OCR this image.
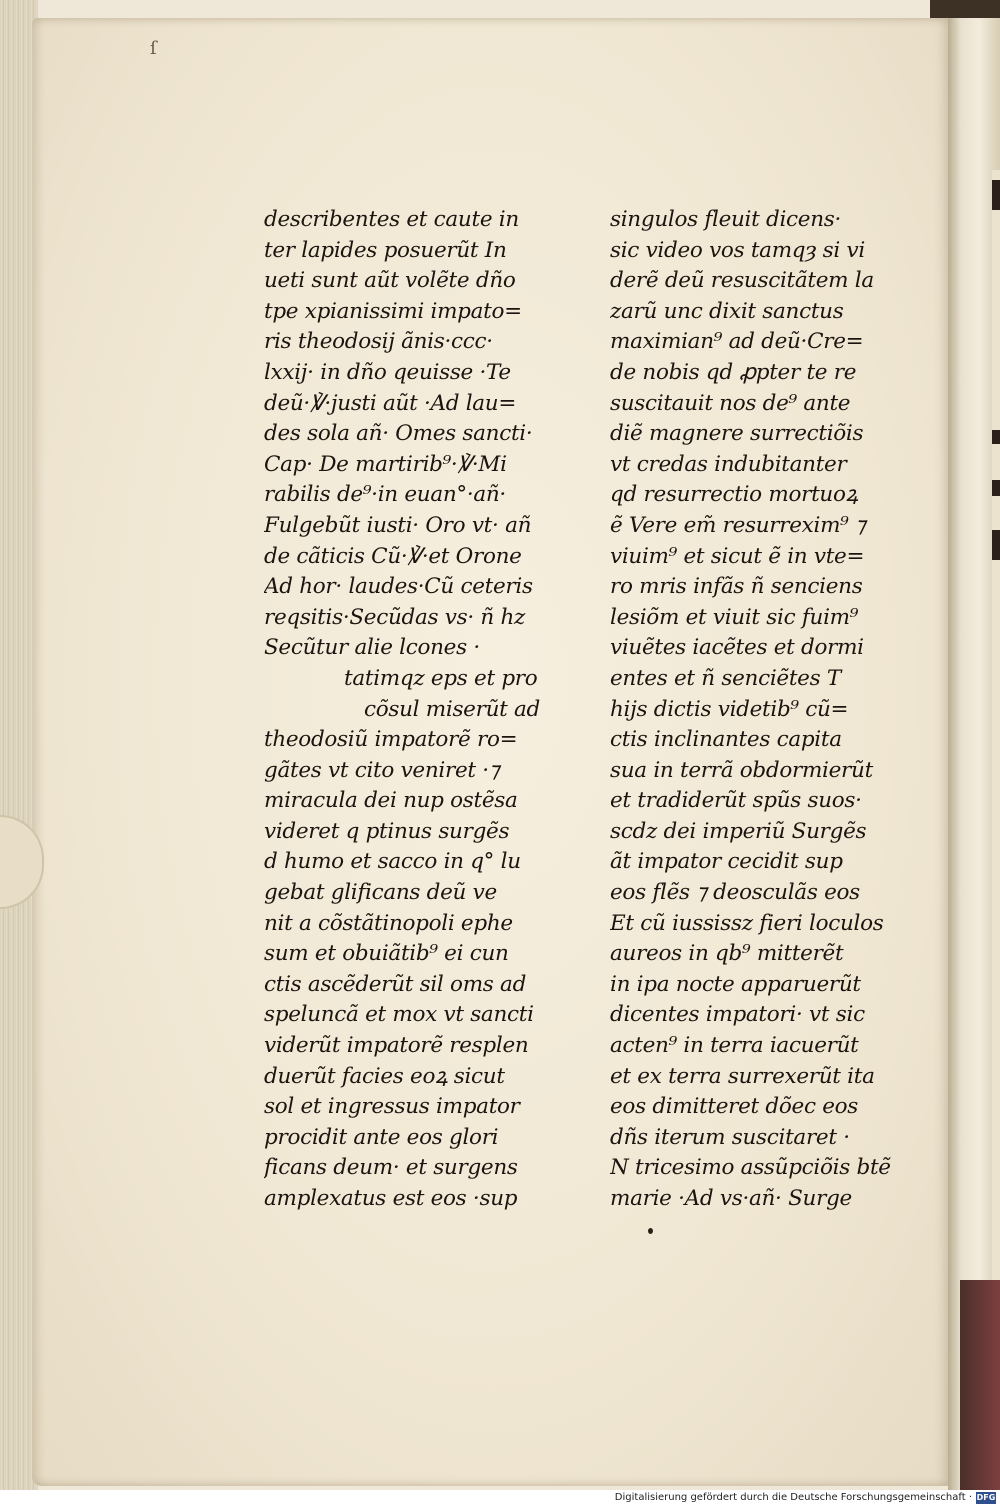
ſ
describentes et caute in
ter lapides posuerũt In
ueti sunt aũt volẽte dño
tpe xpianissimi impato=
ris theodosij ãnis·ccc·
lxxij· in dño qeuisse ·Te
deũ·℣·justi aũt ·Ad lau=
des sola añ· Omes sancti·
Cap· De martirib⁹·℣·Mi
rabilis de⁹·in euan°·añ·
Fulgebũt iusti· Oro vt· añ
de cãticis Cũ·℣·et Orone
Ad hor· laudes·Cũ ceteris
reqsitis·Secũdas vs· ñ hz
Secũtur alie lcones ·
tatimqz eps et pro
cõsul miserũt ad
theodosiũ impatorẽ ro=
gãtes vt cito veniret ·⁊
miracula dei nup ostẽsa
videret q ptinus surgẽs
d humo et sacco in q° lu
gebat glificans deũ ve
nit a cõstãtinopoli ephe
sum et obuiãtib⁹ ei cun
ctis ascẽderũt sil oms ad
speluncã et mox vt sancti
viderũt impatorẽ resplen
duerũt facies eoꝝ sicut
sol et ingressus impator
procidit ante eos glori
ficans deum· et surgens
amplexatus est eos ·sup
singulos fleuit dicens·
sic video vos tamqȝ si vi
derẽ deũ resuscitãtem la
zarũ unc dixit sanctus
maximian⁹ ad deũ·Cre=
de nobis qd ꝓpter te re
suscitauit nos de⁹ ante
diẽ magnere surrectiõis
vt credas indubitanter
qd resurrectio mortuoꝝ
ẽ Vere em̃ resurrexim⁹ ⁊
viuim⁹ et sicut ẽ in vte=
ro mris infãs ñ senciens
lesiõm et viuit sic fuim⁹
viuẽtes iacẽtes et dormi
entes et ñ senciẽtes T
hijs dictis videtib⁹ cũ=
ctis inclinantes capita
sua in terrã obdormierũt
et tradiderũt spũs suos·
scdz dei imperiũ Surgẽs
ãt impator cecidit sup
eos flẽs ⁊ deosculãs eos
Et cũ iussissz fieri loculos
aureos in qb⁹ mitterẽt
in ipa nocte apparuerũt
dicentes impatori· vt sic
acten⁹ in terra iacuerũt
et ex terra surrexerũt ita
eos dimitteret dõec eos
dñs iterum suscitaret ·
N tricesimo assũpciõis btẽ
marie ·Ad vs·añ· Surge
Digitalisierung gefördert durch die Deutsche Forschungsgemeinschaft · DFG
